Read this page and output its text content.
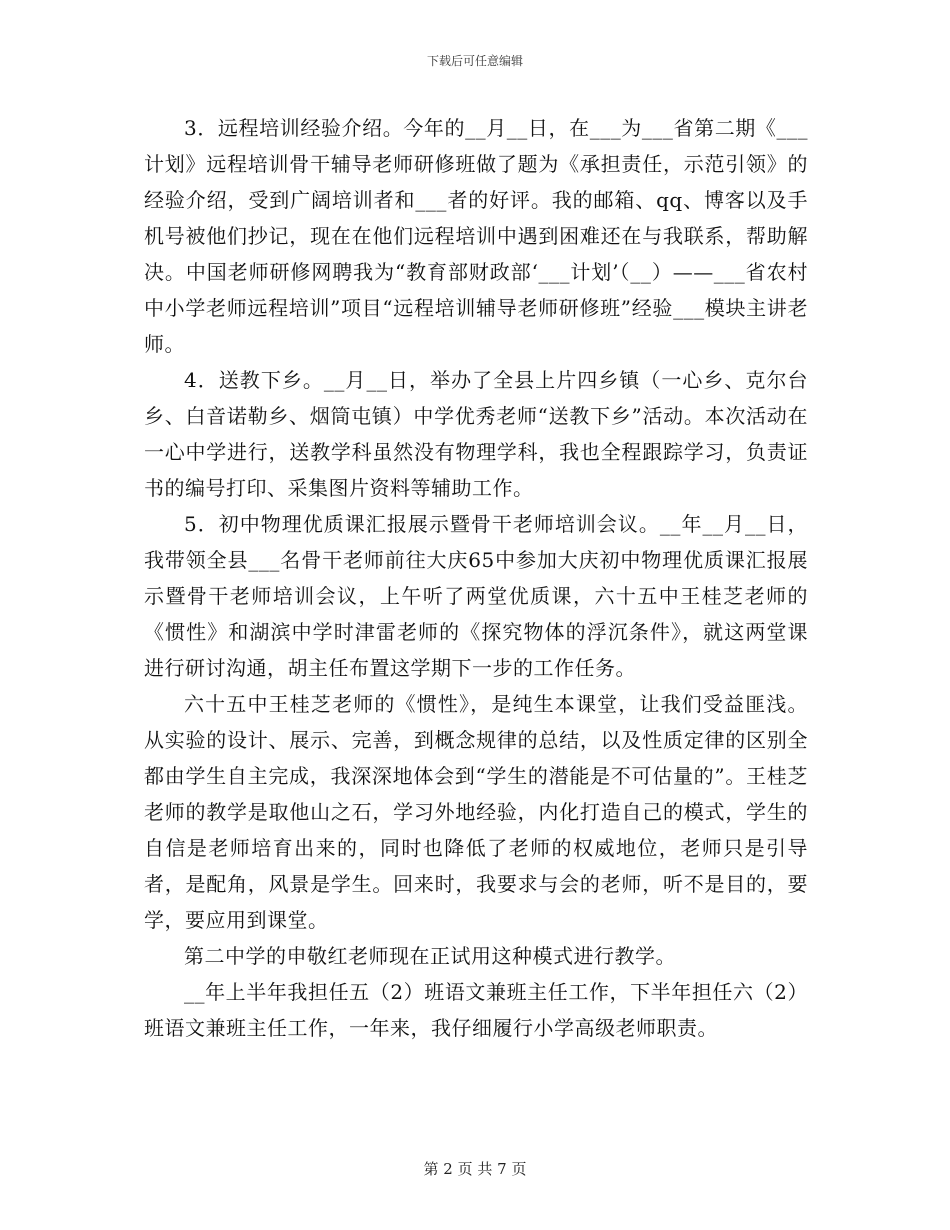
下载后可任意编辑

3．远程培训经验介绍。今年的__月__日，在___为___省第二期《___计划》远程培训骨干辅导老师研修班做了题为《承担责任，示范引领》的经验介绍，受到广阔培训者和___者的好评。我的邮箱、qq、博客以及手机号被他们抄记，现在在他们远程培训中遇到困难还在与我联系，帮助解决。中国老师研修网聘我为“教育部财政部‘___计划’（__）——___省农村中小学老师远程培训”项目“远程培训辅导老师研修班”经验___模块主讲老师。

4．送教下乡。__月__日，举办了全县上片四乡镇（一心乡、克尔台乡、白音诺勒乡、烟筒屯镇）中学优秀老师“送教下乡”活动。本次活动在一心中学进行，送教学科虽然没有物理学科，我也全程跟踪学习，负责证书的编号打印、采集图片资料等辅助工作。

5．初中物理优质课汇报展示暨骨干老师培训会议。__年__月__日，我带领全县___名骨干老师前往大庆65中参加大庆初中物理优质课汇报展示暨骨干老师培训会议，上午听了两堂优质课，六十五中王桂芝老师的《惯性》和湖滨中学时津雷老师的《探究物体的浮沉条件》，就这两堂课进行研讨沟通，胡主任布置这学期下一步的工作任务。

六十五中王桂芝老师的《惯性》，是纯生本课堂，让我们受益匪浅。从实验的设计、展示、完善，到概念规律的总结，以及性质定律的区别全都由学生自主完成，我深深地体会到“学生的潜能是不可估量的”。王桂芝老师的教学是取他山之石，学习外地经验，内化打造自己的模式，学生的自信是老师培育出来的，同时也降低了老师的权威地位，老师只是引导者，是配角，风景是学生。回来时，我要求与会的老师，听不是目的，要学，要应用到课堂。

第二中学的申敬红老师现在正试用这种模式进行教学。

__年上半年我担任五（2）班语文兼班主任工作，下半年担任六（2）班语文兼班主任工作，一年来，我仔细履行小学高级老师职责。

第 2 页 共 7 页
